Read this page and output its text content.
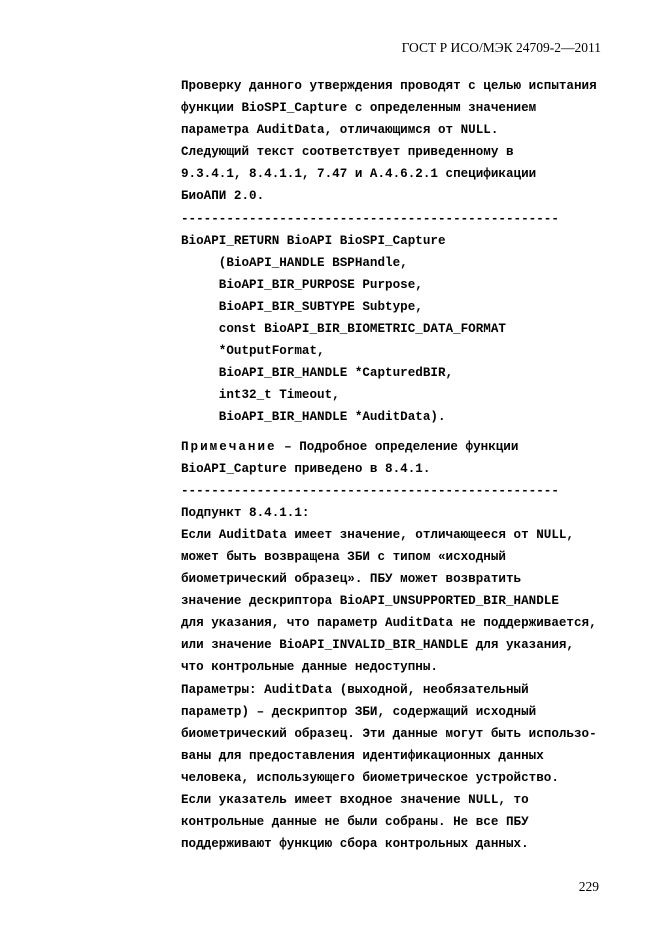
ГОСТ Р ИСО/МЭК 24709-2—2011
Проверку данного утверждения проводят с целью испытания
функции BioSPI_Capture с определенным значением
параметра AuditData, отличающимся от NULL.
Следующий текст соответствует приведенному в
9.3.4.1, 8.4.1.1, 7.47 и А.4.6.2.1 спецификации
БиоАПИ 2.0.
--------------------------------------------------
BioAPI_RETURN BioAPI BioSPI_Capture
(BioAPI_HANDLE BSPHandle,
BioAPI_BIR_PURPOSE Purpose,
BioAPI_BIR_SUBTYPE Subtype,
const BioAPI_BIR_BIOMETRIC_DATA_FORMAT
*OutputFormat,
BioAPI_BIR_HANDLE *CapturedBIR,
int32_t Timeout,
BioAPI_BIR_HANDLE *AuditData).
Примечание – Подробное определение функции
BioAPI_Capture приведено в 8.4.1.
--------------------------------------------------
Подпункт 8.4.1.1:
Если AuditData имеет значение, отличающееся от NULL,
может быть возвращена ЗБИ с типом «исходный
биометрический образец». ПБУ может возвратить
значение дескриптора BioAPI_UNSUPPORTED_BIR_HANDLE
для указания, что параметр AuditData не поддерживается,
или значение BioAPI_INVALID_BIR_HANDLE для указания,
что контрольные данные недоступны.
Параметры: AuditData (выходной, необязательный
параметр) – дескриптор ЗБИ, содержащий исходный
биометрический образец. Эти данные могут быть использо-
ваны для предоставления идентификационных данных
человека, использующего биометрическое устройство.
Если указатель имеет входное значение NULL, то
контрольные данные не были собраны. Не все ПБУ
поддерживают функцию сбора контрольных данных.
229
